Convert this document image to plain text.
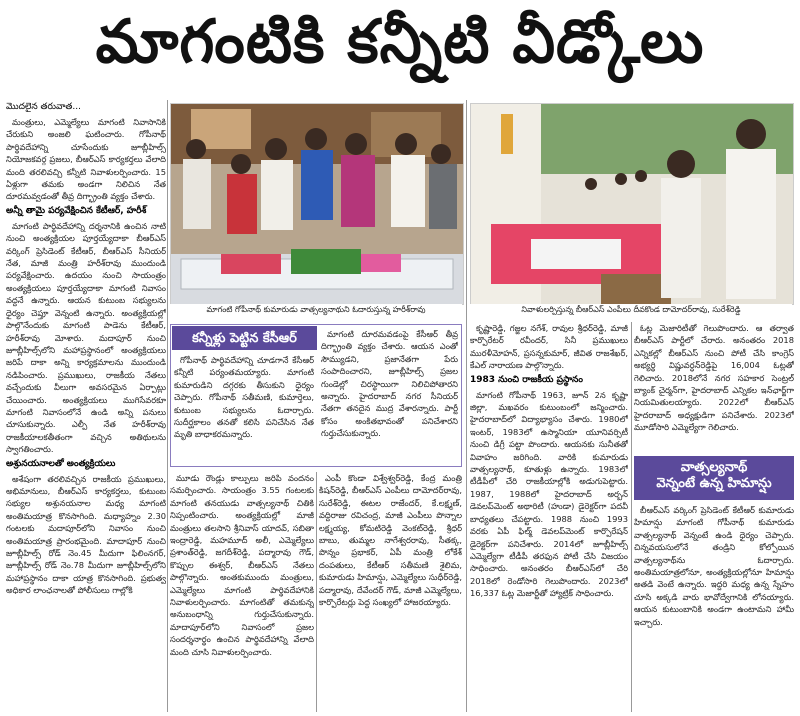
మాగంటికి కన్నీటి వీడ్కోలు
మొదలైన తరువాత...

మంత్రులు, ఎమ్మెల్యేలు మాగంటి నివాసానికి చేరుకుని అంజలి ఘటించారు. గోపీనాథ్ పార్థివదేహాన్ని చూసేందుకు జూబ్లీహిల్స్ నియోజకవర్గ ప్రజలు, బీఆర్‌ఎస్ కార్యకర్తలు వేలాది మంది తరలివచ్చి కన్నీటి నివాళులర్పించారు. 15 ఏళ్లుగా తమకు అండగా నిలిచిన నేత దూరమవ్వడంతో తీవ్ర దిగ్భ్రాంతి వ్యక్తం చేశారు.

అన్నీ తామై పర్యవేక్షించిన కేటీఆర్, హరీశ్

మాగంటి పార్థివదేహాన్ని దర్శనానికి ఉంచిన నాటి నుంచి అంత్యక్రియల పూర్తయ్యేదాకా బీఆర్‌ఎస్ వర్కింగ్ ప్రెసిడెంట్ కేటీఆర్, బీఆర్‌ఎస్ సీనియర్ నేత, మాజీ మంత్రి హరీశ్‌రావు ముందుండి పర్యవేక్షించారు. ఉదయం నుంచి సాయంత్రం అంత్యక్రియలు పూర్తయ్యేదాకా మాగంటి నివాసం వద్దనే ఉన్నారు. ఆయన కుటుంబ సభ్యులను ధైర్యం చెప్తూ వెన్నంటి ఉన్నారు. అంత్యక్రియల్లో పాల్గొనేందుకు మాగంటి పాడెను కేటీఆర్, హరీశ్‌రావు మోశారు. మదాపూర్ నుంచి జూబ్లీహిల్స్‌లోని మహాప్రస్థానంలో అంత్యక్రియలు జరిపే దాకా అన్ని కార్యక్రమాలను ముందుండి నడిపించారు. ప్రముఖులు, రాజకీయ నేతలు వచ్చేందుకు వీలుగా అవసరమైన ఏర్పాట్లు చేయించారు. అంత్యక్రియలు ముగిసేవరకూ మాగంటి నివాసంలోనే ఉండి అన్ని పనులు చూసుకున్నారు. ఎల్పీ నేత హరీశ్‌రావు రాజకీయాలకతీతంగా వచ్చిన అతిథులను స్వాగతించారు.

అశ్రునయనాలతో అంత్యక్రియలు

అశేషంగా తరలివచ్చిన రాజకీయ ప్రముఖులు, అభిమానులు, బీఆర్‌ఎస్ కార్యకర్తలు, కుటుంబ సభ్యుల అశ్రునయనాల మధ్య మాగంటి అంతిమయాత్ర కొనసాగింది. మధ్యాహ్నం 2.30 గంటలకు మదాపూర్‌లోని నివాసం నుంచి అంతిమయాత్ర ప్రారంభమైంది. మాదాపూర్ నుంచి జూబ్లీహిల్స్ రోడ్ నెం.45 మీదుగా ఫిలింనగర్, జూబ్లీహిల్స్ రోడ్ నెం.78 మీదుగా జూబ్లీహిల్స్‌లోని మహాప్రస్థానం దాకా యాత్ర కొనసాగింది. ప్రభుత్వ అధికార లాంఛనాలతో పోలీసులు గాల్లోకి

మాగంటి గోపీనాథ్ కుమారుడు వాత్సల్యనాథుని ఓదారుస్తున్న హరీశ్‌రావు	నివాళులర్పిస్తున్న బీఆర్‌ఎస్ ఎంపీలు దీవకొండ దామోదర్‌రావు, సురేశ్‌రెడ్డి
కన్నీళ్లు పెట్టిన కేసీఆర్

గోపీనాథ్ పార్థివదేహాన్ని చూడగానే కేసీఆర్ కన్నీటి పర్యంతమయ్యారు. మాగంటి కుమారుడిని దగ్గరకు తీసుకుని ధైర్యం చెప్పారు. గోపీనాథ్ సతీమణి, కుమార్తెలు, కుటుంబ సభ్యులను ఓదార్చారు. సుదీర్ఘకాలం తనతో కలిసి పనిచేసిన నేత మృతి బాధాకరమన్నారు.

మాగంటి దూరమవడంపై కేసీఆర్ తీవ్ర దిగ్భ్రాంతి వ్యక్తం చేశారు. ఆయన ఎంతో సౌమ్యుడని, ప్రజానేతగా పేరు సంపాదించారని, జూబ్లీహిల్స్ ప్రజల గుండెల్లో చిరస్థాయిగా నిలిచిపోతారని అన్నారు. హైదరాబాద్ నగర సీనియర్ నేతగా తనదైన ముద్ర వేశారన్నారు. పార్టీ కోసం అంకితభావంతో పనిచేశారని గుర్తుచేసుకున్నారు.

మూడు రౌండ్లు కాల్పులు జరిపి వందనం సమర్పించారు. సాయంత్రం 3.55 గంటలకు మాగంటి తనయుడు వాత్సల్యనాథ్ చితికి నిప్పంటించారు. అంత్యక్రియల్లో మాజీ మంత్రులు తలసాని శ్రీనివాస్ యాదవ్, సబితా ఇంద్రారెడ్డి, మహమూద్ అలీ, ఎమ్మెల్యేలు ప్రశాంత్‌రెడ్డి, జగదీశ్‌రెడ్డి, పద్మారావు గౌడ్, కొప్పుల ఈశ్వర్, బీఆర్‌ఎస్ నేతలు పాల్గొన్నారు. అంతకుముందు మంత్రులు, ఎమ్మెల్యేలు మాగంటి పార్థివదేహానికి నివాళులర్పించారు. మాగంటితో తమకున్న అనుబంధాన్ని గుర్తుచేసుకున్నారు. మాదాపూర్‌లోని నివాసంలో ప్రజల సందర్శనార్థం ఉంచిన పార్థివదేహాన్ని వేలాది మంది చూసి నివాళులర్పించారు.

ఎంపీ కొండా విశ్వేశ్వర్‌రెడ్డి, కేంద్ర మంత్రి కిషన్‌రెడ్డి, బీఆర్‌ఎస్ ఎంపీలు దామోదర్‌రావు, సురేశ్‌రెడ్డి, ఈటల రాజేందర్, కే.లక్ష్మణ్, వద్దిరాజు రవిచంద్ర, మాజీ ఎంపీలు పొన్నాల లక్ష్మయ్య, కోమటిరెడ్డి వెంకట్‌రెడ్డి, శ్రీధర్ బాబు, తుమ్మల నాగేశ్వరరావు, సీతక్క, పొన్నం ప్రభాకర్, ఏపీ మంత్రి లోకేశ్ దంపతులు, కేటీఆర్ సతీమణి శైలిమ, కుమారుడు హిమాన్షు, ఎమ్మెల్యేలు సుధీర్‌రెడ్డి, పద్మారావు, దేవేందర్ గౌడ్, మాజీ ఎమ్మెల్యేలు, కార్పొరేటర్లు పెద్ద సంఖ్యలో హాజరయ్యారు.

కృష్ణారెడ్డి, గజ్జల నగేశ్, రావుల శ్రీధర్‌రెడ్డి, మాజీ కార్పొరేటర్ రవీందర్, సినీ ప్రముఖులు మురళీమోహన్, ప్రసన్నకుమార్, జీవిత రాజశేఖర్, కేఎల్ నారాయణ పాల్గొన్నారు.

1983 నుంచి రాజకీయ ప్రస్థానం

మాగంటి గోపీనాథ్ 1963, జూన్ 2న కృష్ణా జిల్లా, మఖవరం కుటుంబంలో జన్మించారు. హైదరాబాద్‌లో విద్యాభ్యాసం చేశారు. 1980లో ఇంటర్, 1983లో ఉస్మానియా యూనివర్సిటీ నుంచి డిగ్రీ పట్టా పొందారు. ఆయనకు సునీతతో వివాహం జరిగింది. వారికి కుమారుడు వాత్సల్యనాథ్, కూతుళ్లు ఉన్నారు. 1983లో టీడీపీలో చేరి రాజకీయాల్లోకి అడుగుపెట్టారు. 1987, 1988లో హైదరాబాద్ అర్బన్ డెవలప్‌మెంట్ అథారిటీ (హుడా) డైరెక్టర్‌గా పదవీ బాధ్యతలు చేపట్టారు. 1988 నుంచి 1993 వరకు ఏపీ ఫిల్మ్ డెవలప్‌మెంట్ కార్పొరేషన్ డైరెక్టర్‌గా పనిచేశారు. 2014లో జూబ్లీహిల్స్ ఎమ్మెల్యేగా టీడీపీ తరఫున పోటీ చేసి విజయం సాధించారు. అనంతరం బీఆర్‌ఎస్‌లో చేరి 2018లో రెండోసారి గెలుపొందారు. 2023లో 16,337 ఓట్ల మెజార్టీతో హ్యాట్రిక్ సాధించారు.

ఓట్ల మెజారిటీతో గెలుపొందారు. ఆ తర్వాత బీఆర్‌ఎస్ పార్టీలో చేరారు. అనంతరం 2018 ఎన్నికల్లో బీఆర్‌ఎస్ నుంచి పోటీ చేసి కాంగ్రెస్ అభ్యర్థి విష్ణువర్ధన్‌రెడ్డిపై 16,004 ఓట్లతో గెలిచారు. 2018లోనే నగర సహకార సెంట్రల్ బ్యాంక్ చైర్మన్‌గా, హైదరాబాద్ ఎన్నికల ఇన్‌ఛార్జ్‌గా నియమితులయ్యారు. 2022లో బీఆర్‌ఎస్ హైదరాబాద్ అధ్యక్షుడిగా పనిచేశారు. 2023లో మూడోసారి ఎమ్మెల్యేగా గెలిచారు.

వాత్సల్యనాథ్
వెన్నంటే ఉన్న హిమాన్షు

బీఆర్‌ఎస్ వర్కింగ్ ప్రెసిడెంట్ కేటీఆర్ కుమారుడు హిమాన్షు మాగంటి గోపీనాథ్ కుమారుడు వాత్సల్యనాథ్ వెన్నంటే ఉండి ధైర్యం చెప్పారు. చిన్నవయసులోనే తండ్రిని కోల్పోయిన వాత్సల్యనాథ్‌ను ఓదార్చారు. అంతిమయాత్రలోనూ, అంత్యక్రియల్లోనూ హిమాన్షు అతడి వెంటే ఉన్నారు. ఇద్దరి మధ్య ఉన్న స్నేహం చూసి అక్కడి వారు భావోద్వేగానికి లోనయ్యారు. ఆయన కుటుంబానికి అండగా ఉంటామని హామీ ఇచ్చారు.
